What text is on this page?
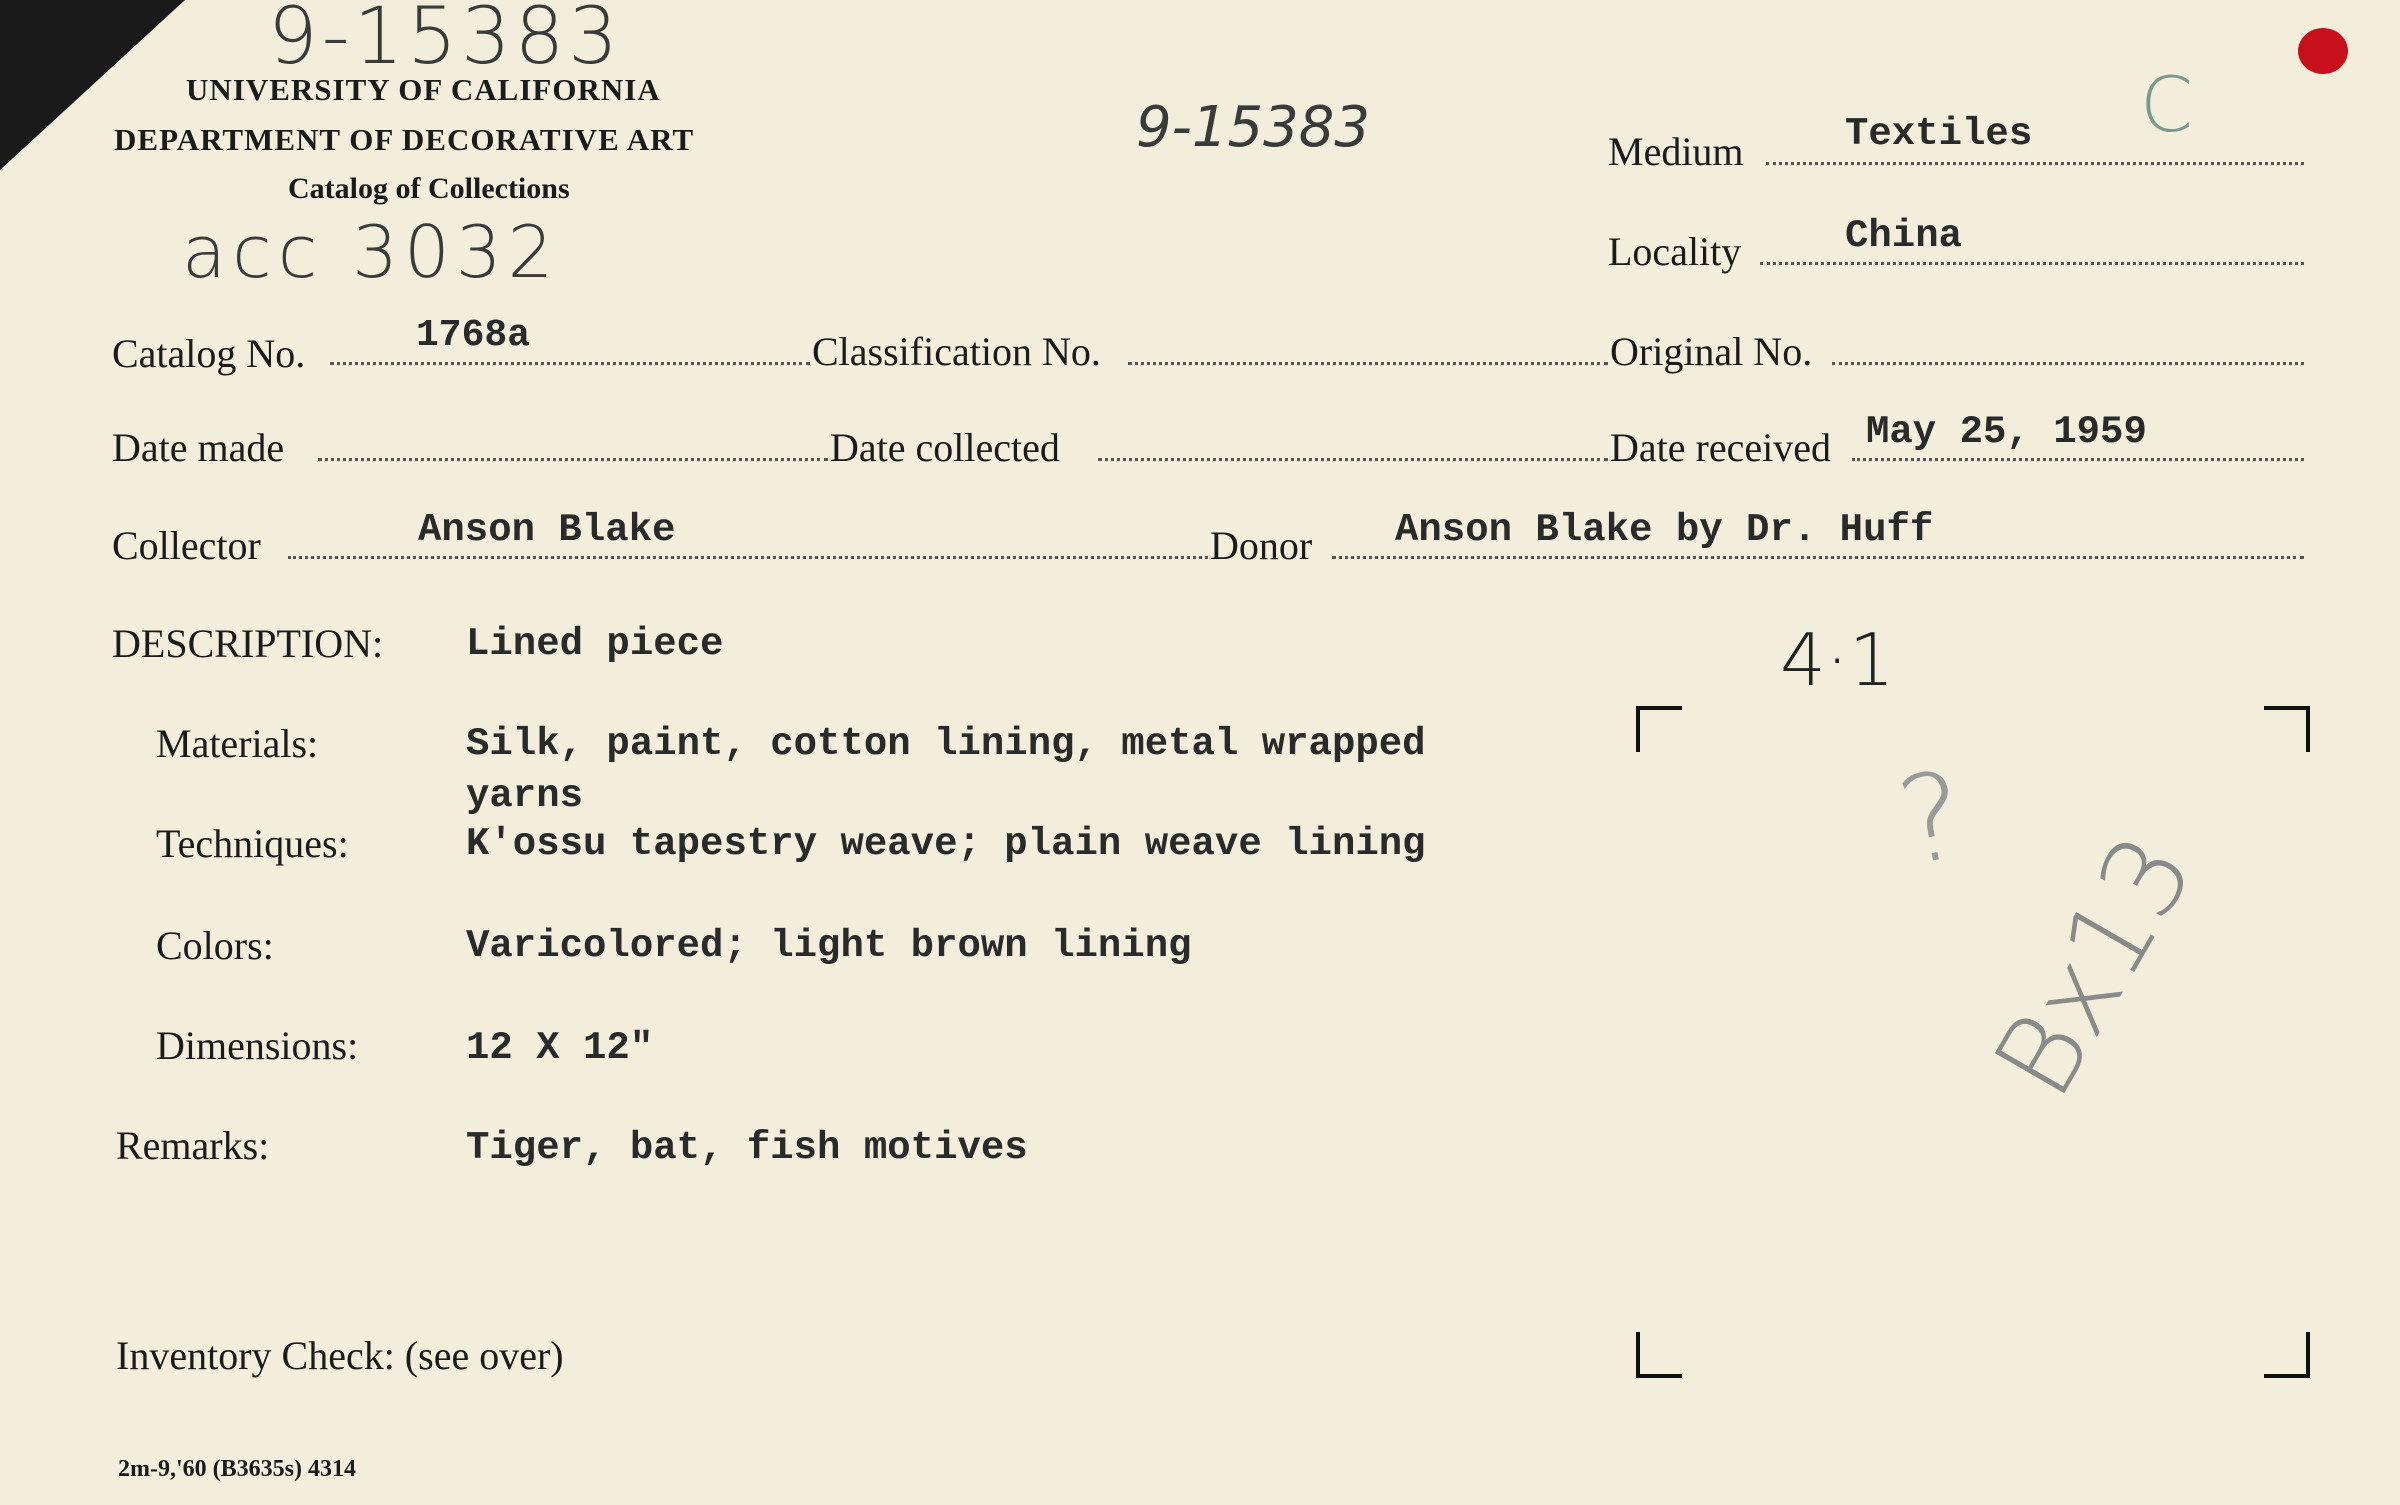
9-15383
UNIVERSITY OF CALIFORNIA
DEPARTMENT OF DECORATIVE ART
Catalog of Collections
acc 3032
9-15383	C
Medium	Textiles
Locality	China
Catalog No.	1768a	Classification No.	Original No.
Date made	Date collected	Date received May 25, 1959
Collector	Anson Blake	Donor Anson Blake by Dr. Huff
DESCRIPTION: Lined piece
Materials:	Silk, paint, cotton lining, metal wrapped
yarns
Techniques:	K'ossu tapestry weave; plain weave lining
Colors:	Varicolored; light brown lining
Dimensions:	12 X 12"
Remarks:	Tiger, bat, fish motives
4·1
?
Bx13
Inventory Check: (see over)
2m-9,'60 (B3635s) 4314
